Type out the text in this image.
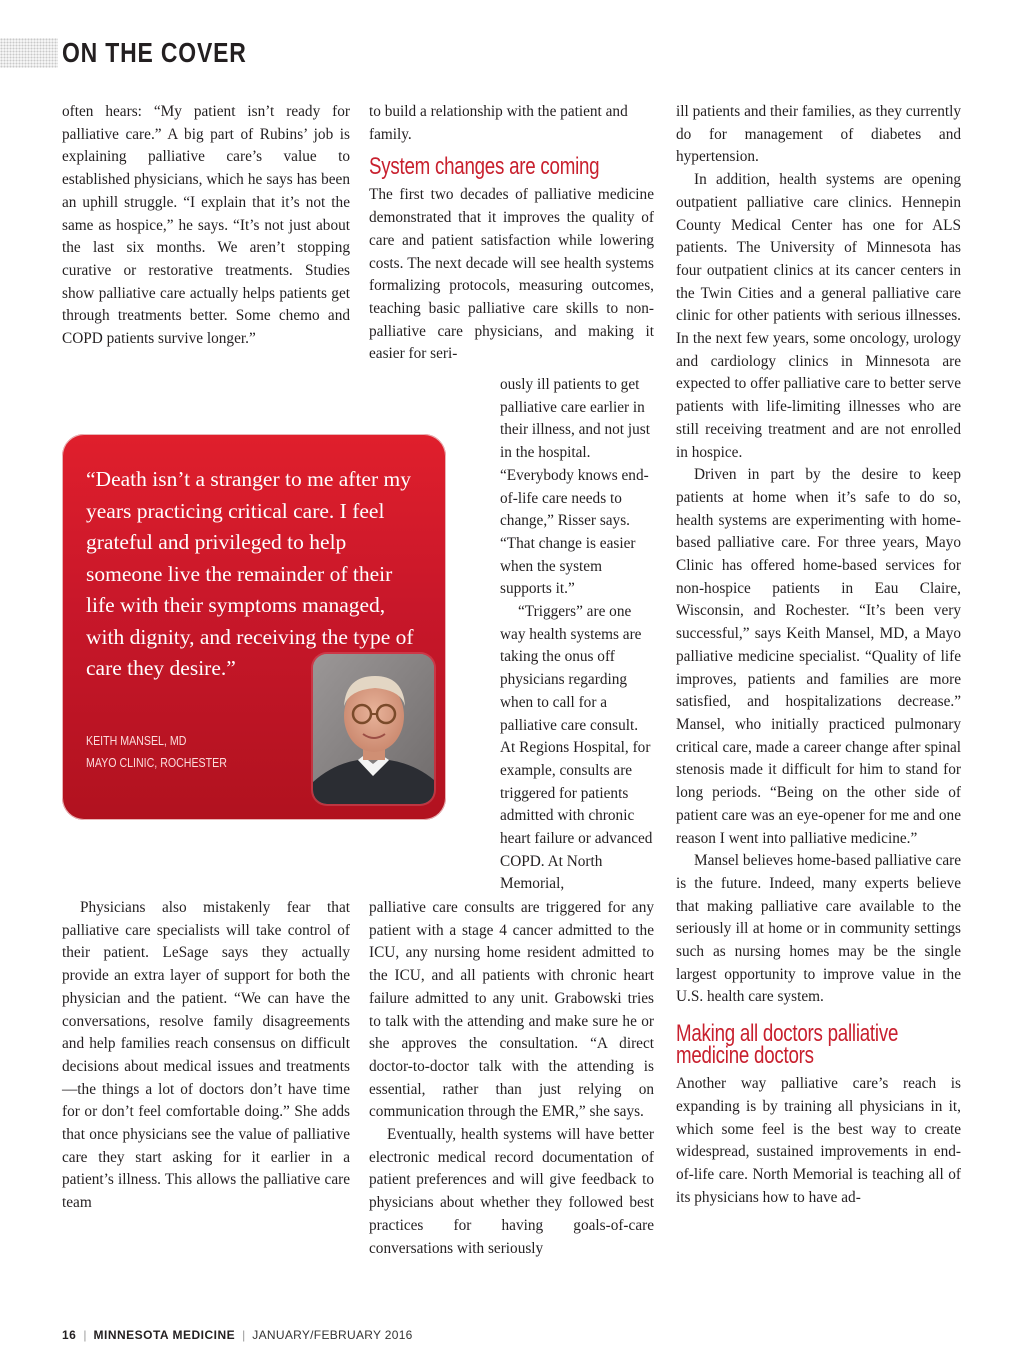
ON THE COVER

often hears: “My patient isn’t ready for palliative care.” A big part of Rubins’ job is explaining palliative care’s value to established physicians, which he says has been an uphill struggle. “I explain that it’s not the same as hospice,” he says. “It’s not just about the last six months. We aren’t stopping curative or restorative treatments. Studies show palliative care actually helps patients get through treatments better. Some chemo and COPD patients survive longer.”

“Death isn’t a stranger to me after my years practicing critical care. I feel grateful and privileged to help someone live the remainder of their life with their symptoms managed, with dignity, and receiving the type of care they desire.”

KEITH MANSEL, MD
MAYO CLINIC, ROCHESTER

Physicians also mistakenly fear that palliative care specialists will take control of their patient. LeSage says they actually provide an extra layer of support for both the physician and the patient. “We can have the conversations, resolve family disagreements and help families reach consensus on difficult decisions about medical issues and treatments—the things a lot of doctors don’t have time for or don’t feel comfortable doing.” She adds that once physicians see the value of palliative care they start asking for it earlier in a patient’s illness. This allows the palliative care team

to build a relationship with the patient and family.

System changes are coming

The first two decades of palliative medicine demonstrated that it improves the quality of care and patient satisfaction while lowering costs. The next decade will see health systems formalizing protocols, measuring outcomes, teaching basic palliative care skills to non-palliative care physicians, and making it easier for seri-

ously ill patients to get palliative care earlier in their illness, and not just in the hospital. “Everybody knows end-of-life care needs to change,” Risser says. “That change is easier when the system supports it.”

“Triggers” are one way health systems are taking the onus off physicians regarding when to call for a palliative care consult. At Regions Hospital, for example, consults are triggered for patients admitted with chronic heart failure or advanced COPD. At North Memorial,

palliative care consults are triggered for any patient with a stage 4 cancer admitted to the ICU, any nursing home resident admitted to the ICU, and all patients with chronic heart failure admitted to any unit. Grabowski tries to talk with the attending and make sure he or she approves the consultation. “A direct doctor-to-doctor talk with the attending is essential, rather than just relying on communication through the EMR,” she says.

Eventually, health systems will have better electronic medical record documentation of patient preferences and will give feedback to physicians about whether they followed best practices for having goals-of-care conversations with seriously

ill patients and their families, as they currently do for management of diabetes and hypertension.

In addition, health systems are opening outpatient palliative care clinics. Hennepin County Medical Center has one for ALS patients. The University of Minnesota has four outpatient clinics at its cancer centers in the Twin Cities and a general palliative care clinic for other patients with serious illnesses. In the next few years, some oncology, urology and cardiology clinics in Minnesota are expected to offer palliative care to better serve patients with life-limiting illnesses who are still receiving treatment and are not enrolled in hospice.

Driven in part by the desire to keep patients at home when it’s safe to do so, health systems are experimenting with home-based palliative care. For three years, Mayo Clinic has offered home-based services for non-hospice patients in Eau Claire, Wisconsin, and Rochester. “It’s been very successful,” says Keith Mansel, MD, a Mayo palliative medicine specialist. “Quality of life improves, patients and families are more satisfied, and hospitalizations decrease.” Mansel, who initially practiced pulmonary critical care, made a career change after spinal stenosis made it difficult for him to stand for long periods. “Being on the other side of patient care was an eye-opener for me and one reason I went into palliative medicine.”

Mansel believes home-based palliative care is the future. Indeed, many experts believe that making palliative care available to the seriously ill at home or in community settings such as nursing homes may be the single largest opportunity to improve value in the U.S. health care system.

Making all doctors palliative
medicine doctors

Another way palliative care’s reach is expanding is by training all physicians in it, which some feel is the best way to create widespread, sustained improvements in end-of-life care. North Memorial is teaching all of its physicians how to have ad-

16 | MINNESOTA MEDICINE | JANUARY/FEBRUARY 2016
